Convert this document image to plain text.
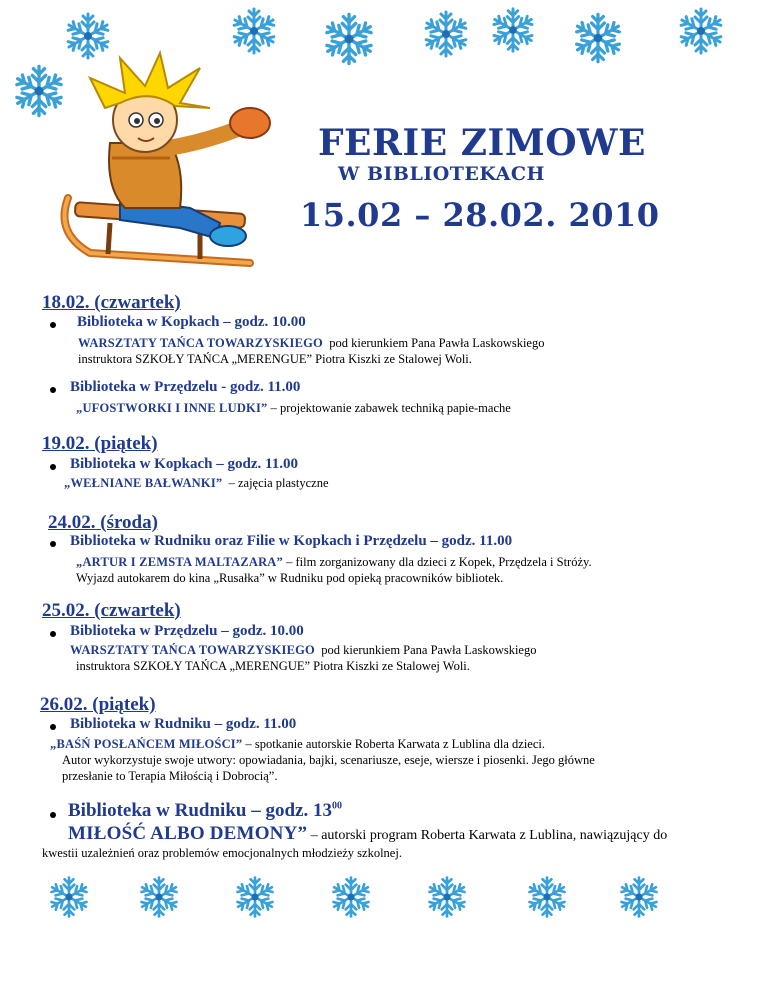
FERIE ZIMOWE
W BIBLIOTEKACH
15.02 – 28.02. 2010
18.02. (czwartek)
Biblioteka w Kopkach – godz. 10.00
WARSZTATY TAŃCA TOWARZYSKIEGO pod kierunkiem Pana Pawła Laskowskiego
instruktora SZKOŁY TAŃCA „MERENGUE” Piotra Kiszki ze Stalowej Woli.
Biblioteka w Przędzelu - godz. 11.00
„UFOSTWORKI I INNE LUDKI” – projektowanie zabawek techniką papie-mache
19.02. (piątek)
Biblioteka w Kopkach – godz. 11.00
„WEŁNIANE BAŁWANKI” – zajęcia plastyczne
24.02. (środa)
Biblioteka w Rudniku oraz Filie w Kopkach i Przędzelu – godz. 11.00
„ARTUR I ZEMSTA MALTAZARA” – film zorganizowany dla dzieci z Kopek, Przędzela i Stróży.
Wyjazd autokarem do kina „Rusałka” w Rudniku pod opieką pracowników bibliotek.
25.02. (czwartek)
Biblioteka w Przędzelu – godz. 10.00
WARSZTATY TAŃCA TOWARZYSKIEGO pod kierunkiem Pana Pawła Laskowskiego
instruktora SZKOŁY TAŃCA „MERENGUE” Piotra Kiszki ze Stalowej Woli.
26.02. (piątek)
Biblioteka w Rudniku – godz. 11.00
„BAŚŃ POSŁAŃCEM MIŁOŚCI” – spotkanie autorskie Roberta Karwata z Lublina dla dzieci.
Autor wykorzystuje swoje utwory: opowiadania, bajki, scenariusze, eseje, wiersze i piosenki. Jego główne
przesłanie to Terapia Miłością i Dobrocią”.
Biblioteka w Rudniku – godz. $13^{00}$
MIŁOŚĆ ALBO DEMONY” – autorski program Roberta Karwata z Lublina, nawiązujący do
kwestii uzależnień oraz problemów emocjonalnych młodzieży szkolnej.
